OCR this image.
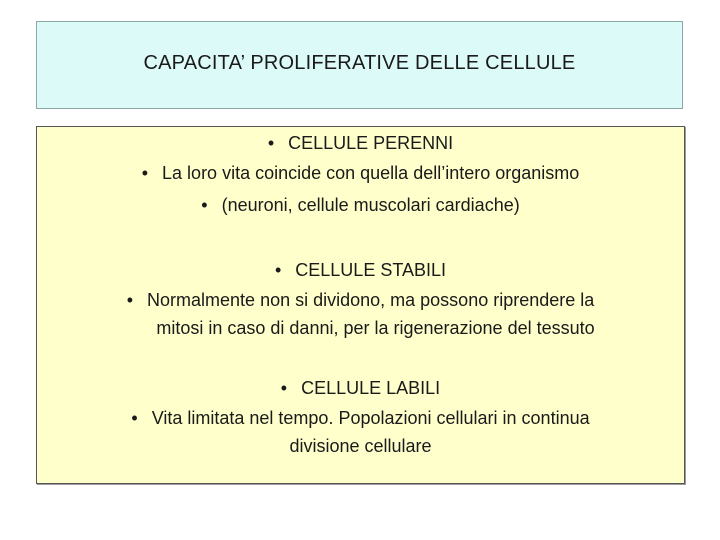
CAPACITA’ PROLIFERATIVE DELLE CELLULE
• CELLULE PERENNI
• La loro vita coincide con quella dell’intero organismo
• (neuroni, cellule muscolari cardiache)
• CELLULE STABILI
• Normalmente non si dividono, ma possono riprendere la
mitosi in caso di danni, per la rigenerazione del tessuto
• CELLULE LABILI
• Vita limitata nel tempo. Popolazioni cellulari in continua
divisione cellulare
